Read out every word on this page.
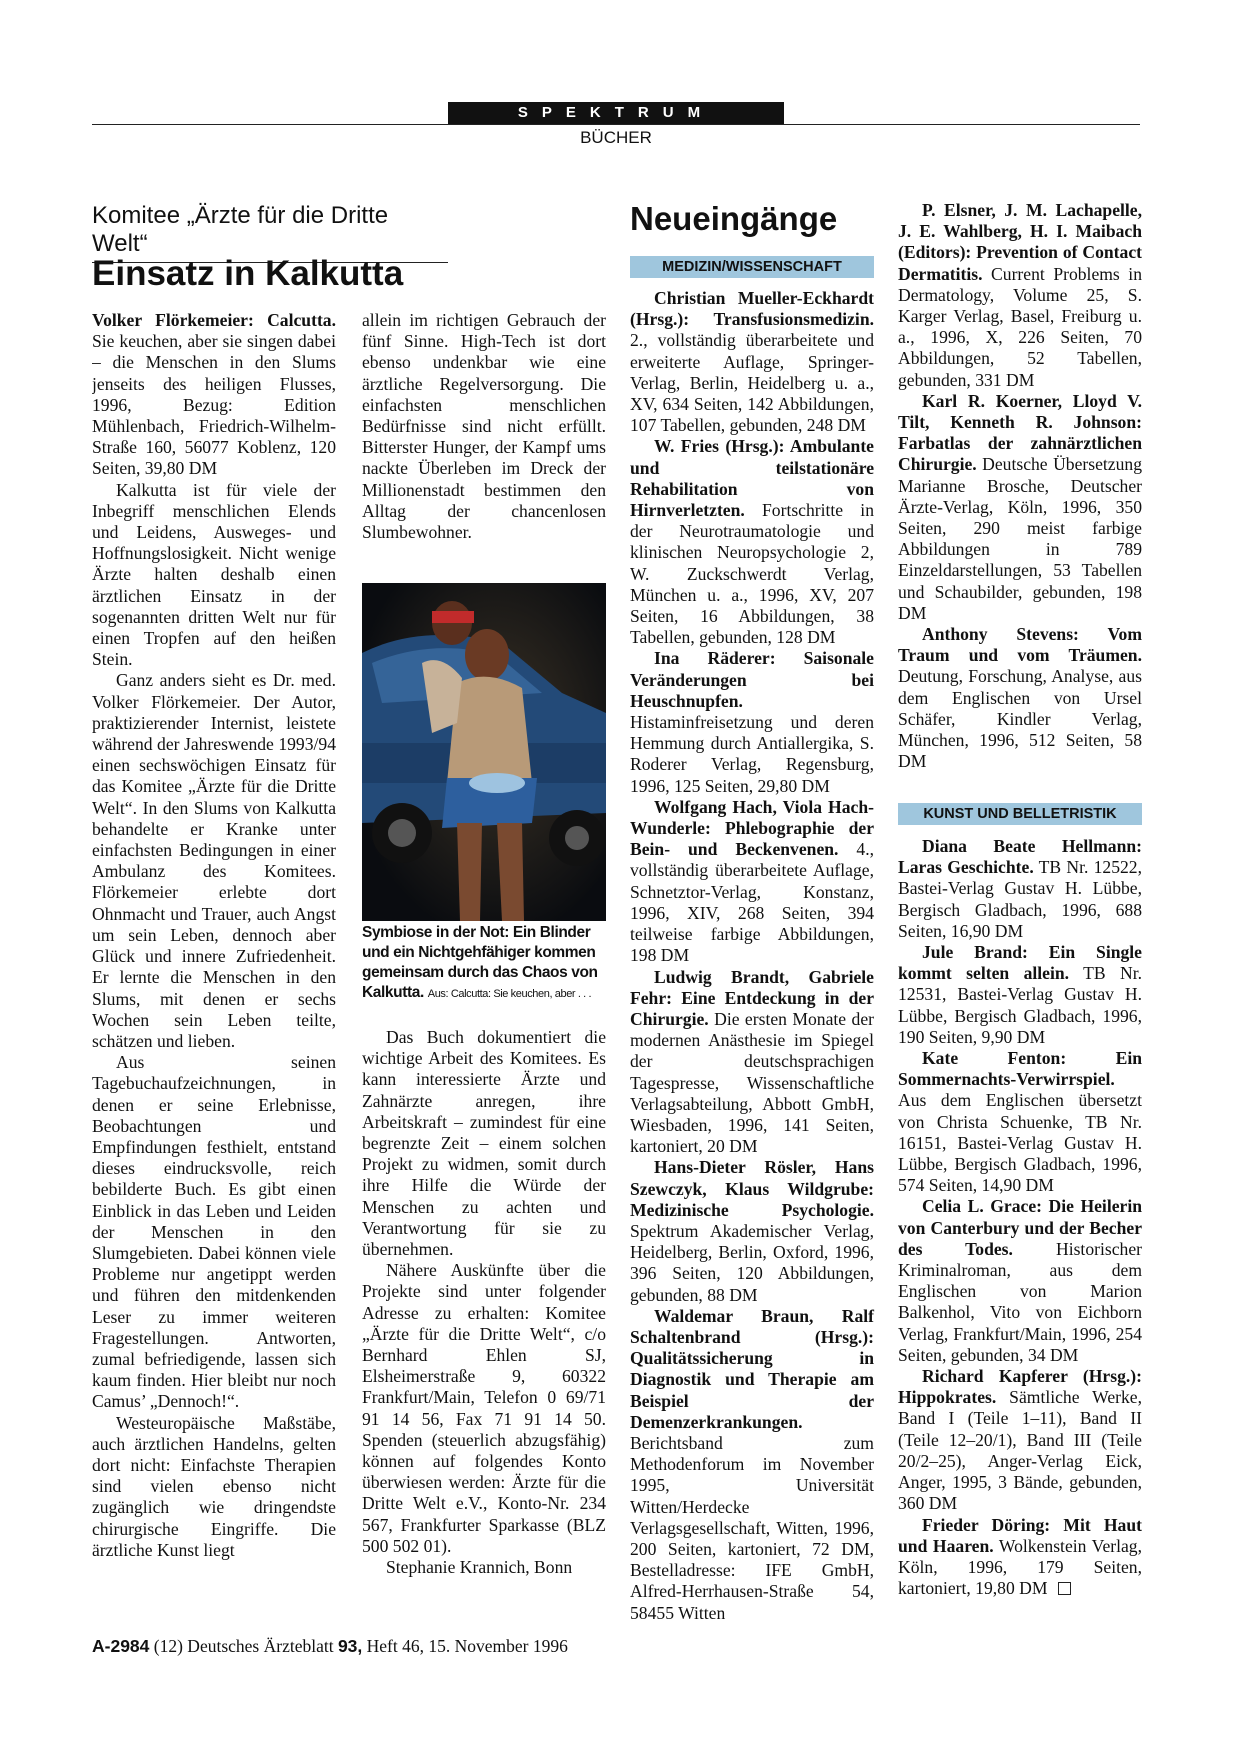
SPEKTRUM
BÜCHER
Komitee „Ärzte für die Dritte Welt“
Einsatz in Kalkutta

Volker Flörkemeier: Calcutta. Sie keuchen, aber sie singen dabei – die Menschen in den Slums jenseits des heiligen Flusses, 1996, Bezug: Edition Mühlenbach, Friedrich-Wilhelm-Straße 160, 56077 Koblenz, 120 Seiten, 39,80 DM

Kalkutta ist für viele der Inbegriff menschlichen Elends und Leidens, Ausweges- und Hoffnungslosigkeit. Nicht wenige Ärzte halten deshalb einen ärztlichen Einsatz in der sogenannten dritten Welt nur für einen Tropfen auf den heißen Stein.

Ganz anders sieht es Dr. med. Volker Flörkemeier. Der Autor, praktizierender Internist, leistete während der Jahreswende 1993/94 einen sechswöchigen Einsatz für das Komitee „Ärzte für die Dritte Welt“. In den Slums von Kalkutta behandelte er Kranke unter einfachsten Bedingungen in einer Ambulanz des Komitees. Flörkemeier erlebte dort Ohnmacht und Trauer, auch Angst um sein Leben, dennoch aber Glück und innere Zufriedenheit. Er lernte die Menschen in den Slums, mit denen er sechs Wochen sein Leben teilte, schätzen und lieben.

Aus seinen Tagebuchaufzeichnungen, in denen er seine Erlebnisse, Beobachtungen und Empfindungen festhielt, entstand dieses eindrucksvolle, reich bebilderte Buch. Es gibt einen Einblick in das Leben und Leiden der Menschen in den Slumgebieten. Dabei können viele Probleme nur angetippt werden und führen den mitdenkenden Leser zu immer weiteren Fragestellungen. Antworten, zumal befriedigende, lassen sich kaum finden. Hier bleibt nur noch Camus’ „Dennoch!“.

Westeuropäische Maßstäbe, auch ärztlichen Handelns, gelten dort nicht: Einfachste Therapien sind vielen ebenso nicht zugänglich wie dringendste chirurgische Eingriffe. Die ärztliche Kunst liegt

allein im richtigen Gebrauch der fünf Sinne. High-Tech ist dort ebenso undenkbar wie eine ärztliche Regelversorgung. Die einfachsten menschlichen Bedürfnisse sind nicht erfüllt. Bitterster Hunger, der Kampf ums nackte Überleben im Dreck der Millionenstadt bestimmen den Alltag der chancenlosen Slumbewohner.

Symbiose in der Not: Ein Blinder und ein Nichtgehfähiger kommen gemeinsam durch das Chaos von Kalkutta. Aus: Calcutta: Sie keuchen, aber . . .

Das Buch dokumentiert die wichtige Arbeit des Komitees. Es kann interessierte Ärzte und Zahnärzte anregen, ihre Arbeitskraft – zumindest für eine begrenzte Zeit – einem solchen Projekt zu widmen, somit durch ihre Hilfe die Würde der Menschen zu achten und Verantwortung für sie zu übernehmen.

Nähere Auskünfte über die Projekte sind unter folgender Adresse zu erhalten: Komitee „Ärzte für die Dritte Welt“, c/o Bernhard Ehlen SJ, Elsheimerstraße 9, 60322 Frankfurt/Main, Telefon 0 69/71 91 14 56, Fax 71 91 14 50. Spenden (steuerlich abzugsfähig) können auf folgendes Konto überwiesen werden: Ärzte für die Dritte Welt e.V., Konto-Nr. 234 567, Frankfurter Sparkasse (BLZ 500 502 01).

Stephanie Krannich, Bonn

Neueingänge
MEDIZIN/WISSENSCHAFT

Christian Mueller-Eckhardt (Hrsg.): Transfusionsmedizin. 2., vollständig überarbeitete und erweiterte Auflage, Springer-Verlag, Berlin, Heidelberg u. a., XV, 634 Seiten, 142 Abbildungen, 107 Tabellen, gebunden, 248 DM

W. Fries (Hrsg.): Ambulante und teilstationäre Rehabilitation von Hirnverletzten. Fortschritte in der Neurotraumatologie und klinischen Neuropsychologie 2, W. Zuckschwerdt Verlag, München u. a., 1996, XV, 207 Seiten, 16 Abbildungen, 38 Tabellen, gebunden, 128 DM

Ina Räderer: Saisonale Veränderungen bei Heuschnupfen. Histaminfreisetzung und deren Hemmung durch Antiallergika, S. Roderer Verlag, Regensburg, 1996, 125 Seiten, 29,80 DM

Wolfgang Hach, Viola Hach-Wunderle: Phlebographie der Bein- und Beckenvenen. 4., vollständig überarbeitete Auflage, Schnetztor-Verlag, Konstanz, 1996, XIV, 268 Seiten, 394 teilweise farbige Abbildungen, 198 DM

Ludwig Brandt, Gabriele Fehr: Eine Entdeckung in der Chirurgie. Die ersten Monate der modernen Anästhesie im Spiegel der deutschsprachigen Tagespresse, Wissenschaftliche Verlagsabteilung, Abbott GmbH, Wiesbaden, 1996, 141 Seiten, kartoniert, 20 DM

Hans-Dieter Rösler, Hans Szewczyk, Klaus Wildgrube: Medizinische Psychologie. Spektrum Akademischer Verlag, Heidelberg, Berlin, Oxford, 1996, 396 Seiten, 120 Abbildungen, gebunden, 88 DM

Waldemar Braun, Ralf Schaltenbrand (Hrsg.): Qualitätssicherung in Diagnostik und Therapie am Beispiel der Demenzerkrankungen. Berichtsband zum Methodenforum im November 1995, Universität Witten/Herdecke Verlagsgesellschaft, Witten, 1996, 200 Seiten, kartoniert, 72 DM, Bestelladresse: IFE GmbH, Alfred-Herrhausen-Straße 54, 58455 Witten

P. Elsner, J. M. Lachapelle, J. E. Wahlberg, H. I. Maibach (Editors): Prevention of Contact Dermatitis. Current Problems in Dermatology, Volume 25, S. Karger Verlag, Basel, Freiburg u. a., 1996, X, 226 Seiten, 70 Abbildungen, 52 Tabellen, gebunden, 331 DM

Karl R. Koerner, Lloyd V. Tilt, Kenneth R. Johnson: Farbatlas der zahnärztlichen Chirurgie. Deutsche Übersetzung Marianne Brosche, Deutscher Ärzte-Verlag, Köln, 1996, 350 Seiten, 290 meist farbige Abbildungen in 789 Einzeldarstellungen, 53 Tabellen und Schaubilder, gebunden, 198 DM

Anthony Stevens: Vom Traum und vom Träumen. Deutung, Forschung, Analyse, aus dem Englischen von Ursel Schäfer, Kindler Verlag, München, 1996, 512 Seiten, 58 DM

KUNST UND BELLETRISTIK

Diana Beate Hellmann: Laras Geschichte. TB Nr. 12522, Bastei-Verlag Gustav H. Lübbe, Bergisch Gladbach, 1996, 688 Seiten, 16,90 DM

Jule Brand: Ein Single kommt selten allein. TB Nr. 12531, Bastei-Verlag Gustav H. Lübbe, Bergisch Gladbach, 1996, 190 Seiten, 9,90 DM

Kate Fenton: Ein Sommernachts-Verwirrspiel. Aus dem Englischen übersetzt von Christa Schuenke, TB Nr. 16151, Bastei-Verlag Gustav H. Lübbe, Bergisch Gladbach, 1996, 574 Seiten, 14,90 DM

Celia L. Grace: Die Heilerin von Canterbury und der Becher des Todes. Historischer Kriminalroman, aus dem Englischen von Marion Balkenhol, Vito von Eichborn Verlag, Frankfurt/Main, 1996, 254 Seiten, gebunden, 34 DM

Richard Kapferer (Hrsg.): Hippokrates. Sämtliche Werke, Band I (Teile 1–11), Band II (Teile 12–20/1), Band III (Teile 20/2–25), Anger-Verlag Eick, Anger, 1995, 3 Bände, gebunden, 360 DM

Frieder Döring: Mit Haut und Haaren. Wolkenstein Verlag, Köln, 1996, 179 Seiten, kartoniert, 19,80 DM

A-2984 (12) Deutsches Ärzteblatt 93, Heft 46, 15. November 1996
